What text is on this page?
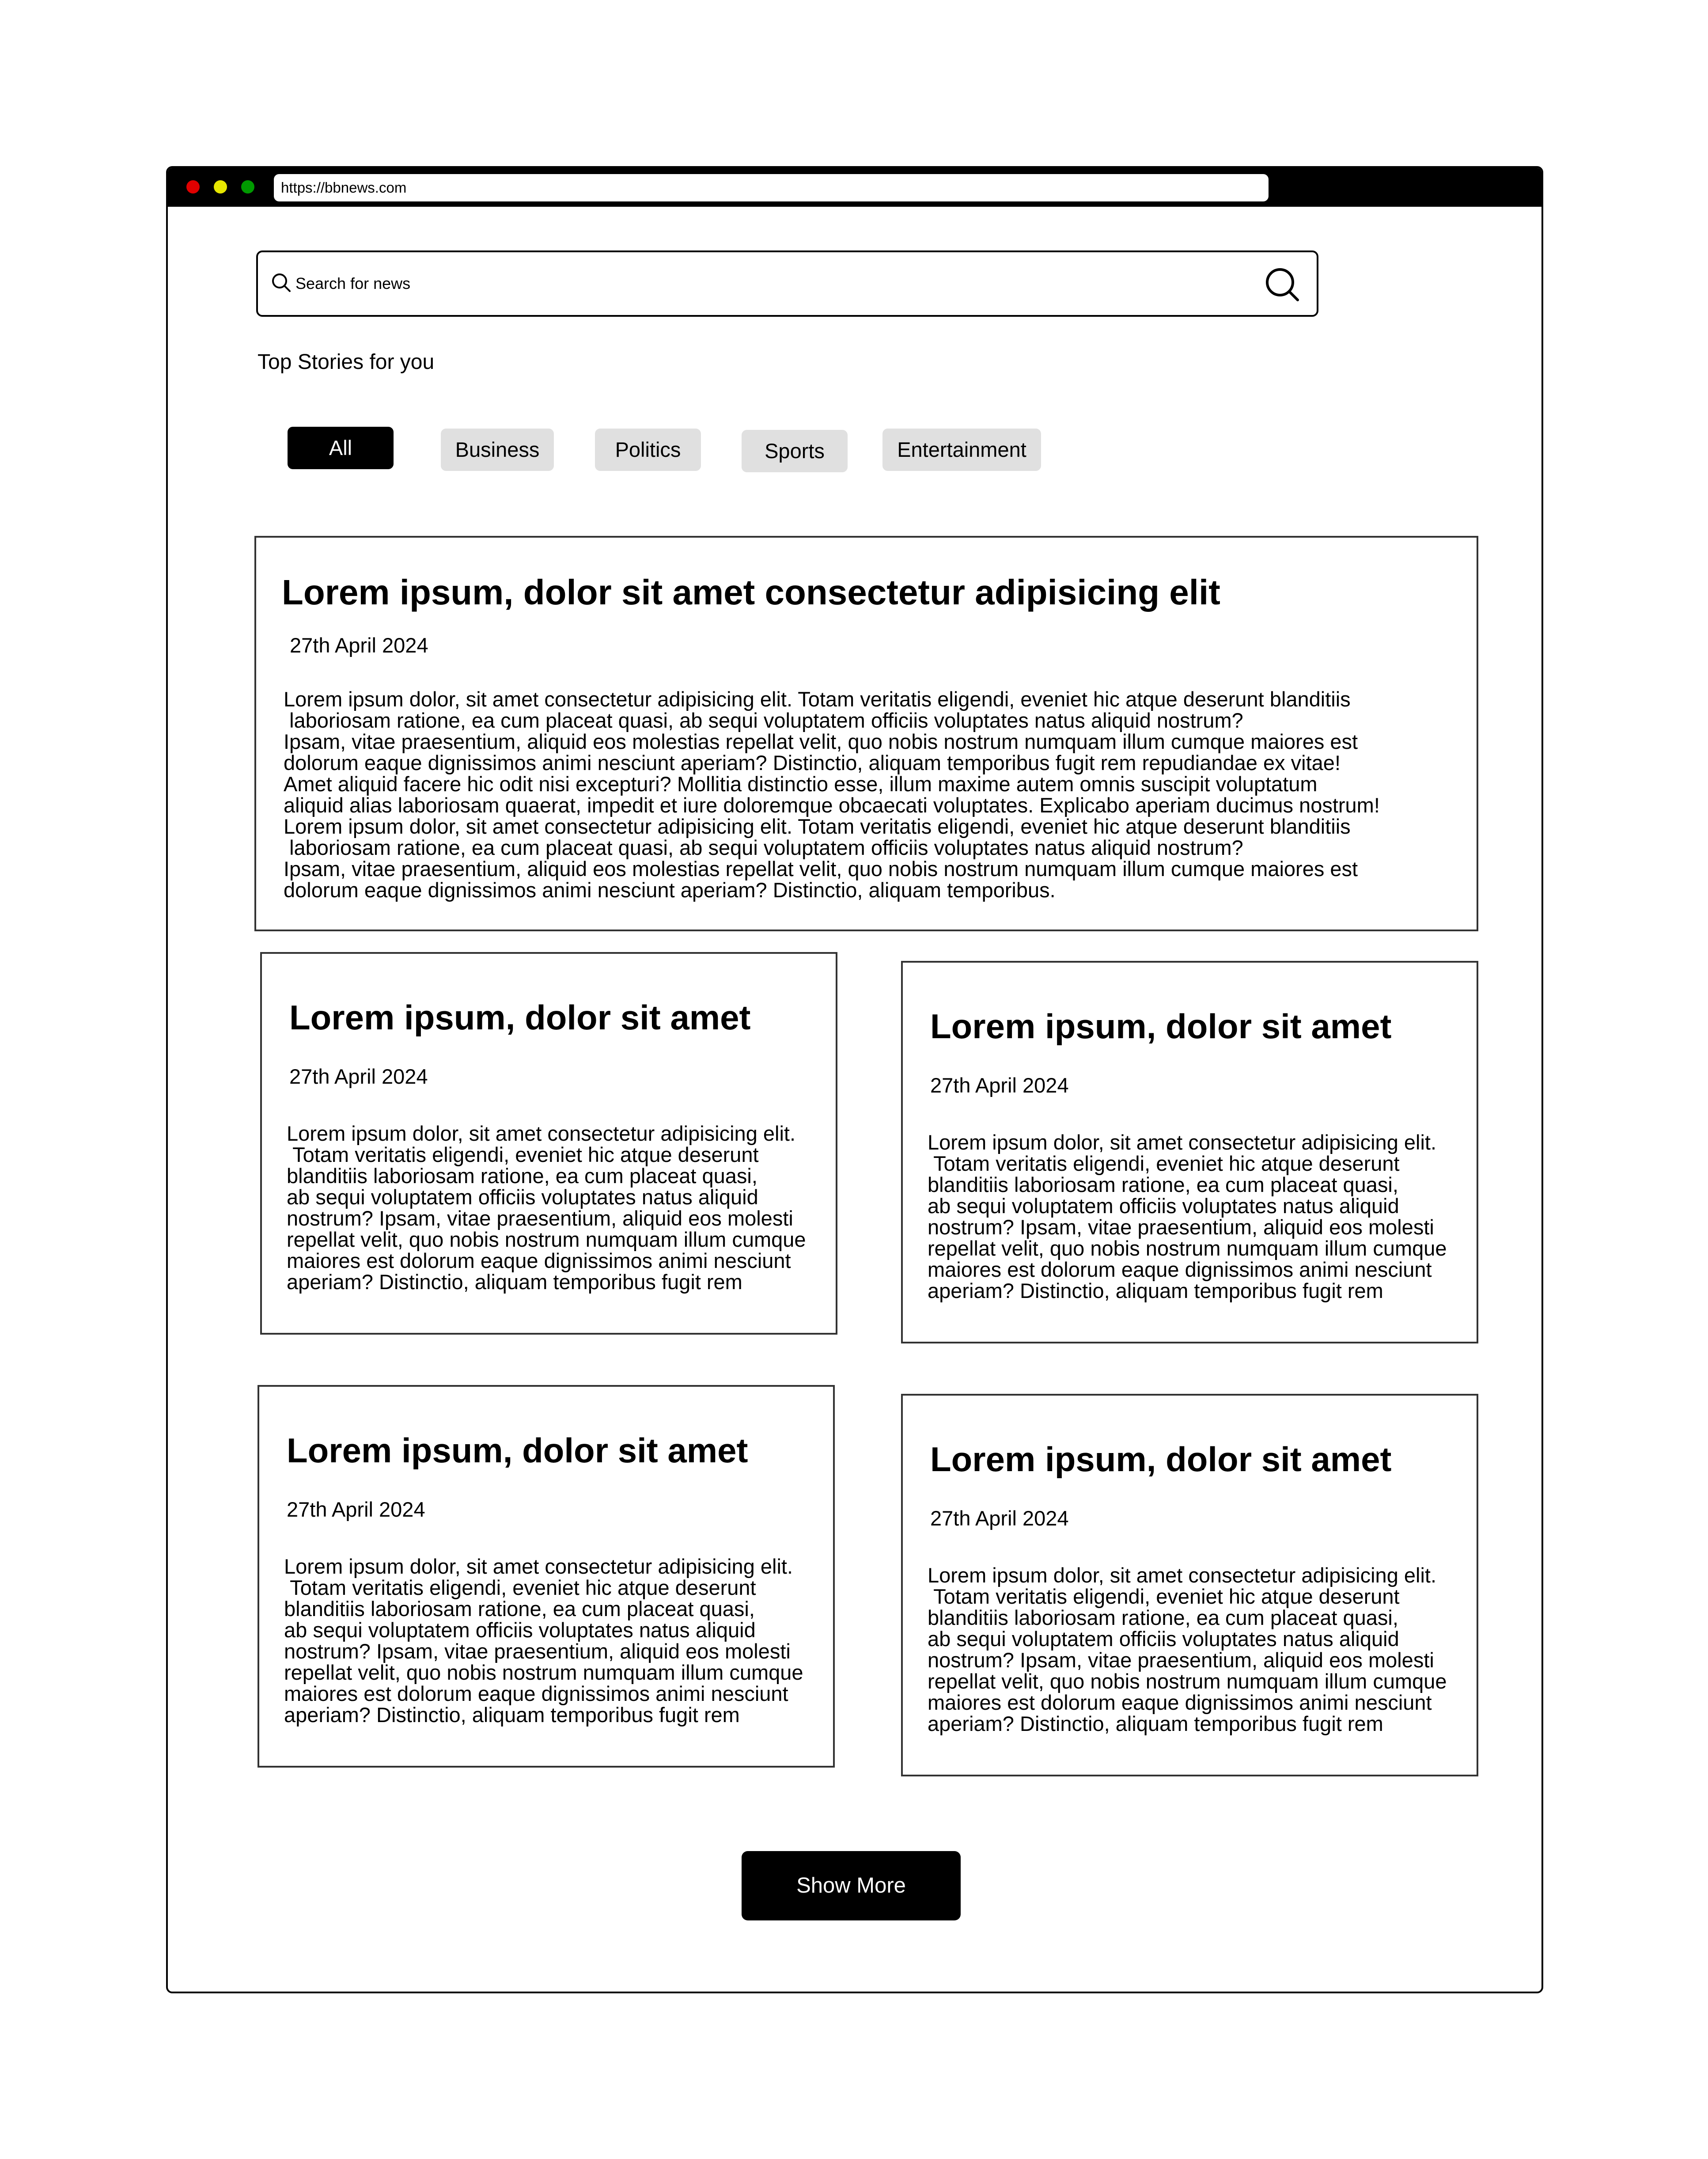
https://bbnews.com
Search for news
Top Stories for you
All	Business	Politics	Sports	Entertainment
Lorem ipsum, dolor sit amet consectetur adipisicing elit
27th April 2024
Lorem ipsum dolor, sit amet consectetur adipisicing elit. Totam veritatis eligendi, eveniet hic atque deserunt blanditiis
laboriosam ratione, ea cum placeat quasi, ab sequi voluptatem officiis voluptates natus aliquid nostrum?
Ipsam, vitae praesentium, aliquid eos molestias repellat velit, quo nobis nostrum numquam illum cumque maiores est
dolorum eaque dignissimos animi nesciunt aperiam? Distinctio, aliquam temporibus fugit rem repudiandae ex vitae!
Amet aliquid facere hic odit nisi excepturi? Mollitia distinctio esse, illum maxime autem omnis suscipit voluptatum
aliquid alias laboriosam quaerat, impedit et iure doloremque obcaecati voluptates. Explicabo aperiam ducimus nostrum!
Lorem ipsum dolor, sit amet consectetur adipisicing elit. Totam veritatis eligendi, eveniet hic atque deserunt blanditiis
laboriosam ratione, ea cum placeat quasi, ab sequi voluptatem officiis voluptates natus aliquid nostrum?
Ipsam, vitae praesentium, aliquid eos molestias repellat velit, quo nobis nostrum numquam illum cumque maiores est
dolorum eaque dignissimos animi nesciunt aperiam? Distinctio, aliquam temporibus.
Lorem ipsum, dolor sit amet
27th April 2024
Lorem ipsum dolor, sit amet consectetur adipisicing elit.
Totam veritatis eligendi, eveniet hic atque deserunt
blanditiis laboriosam ratione, ea cum placeat quasi,
ab sequi voluptatem officiis voluptates natus aliquid
nostrum? Ipsam, vitae praesentium, aliquid eos molesti
repellat velit, quo nobis nostrum numquam illum cumque
maiores est dolorum eaque dignissimos animi nesciunt
aperiam? Distinctio, aliquam temporibus fugit rem
Lorem ipsum, dolor sit amet
27th April 2024
Lorem ipsum dolor, sit amet consectetur adipisicing elit.
Totam veritatis eligendi, eveniet hic atque deserunt
blanditiis laboriosam ratione, ea cum placeat quasi,
ab sequi voluptatem officiis voluptates natus aliquid
nostrum? Ipsam, vitae praesentium, aliquid eos molesti
repellat velit, quo nobis nostrum numquam illum cumque
maiores est dolorum eaque dignissimos animi nesciunt
aperiam? Distinctio, aliquam temporibus fugit rem
Lorem ipsum, dolor sit amet
27th April 2024
Lorem ipsum dolor, sit amet consectetur adipisicing elit.
Totam veritatis eligendi, eveniet hic atque deserunt
blanditiis laboriosam ratione, ea cum placeat quasi,
ab sequi voluptatem officiis voluptates natus aliquid
nostrum? Ipsam, vitae praesentium, aliquid eos molesti
repellat velit, quo nobis nostrum numquam illum cumque
maiores est dolorum eaque dignissimos animi nesciunt
aperiam? Distinctio, aliquam temporibus fugit rem
Lorem ipsum, dolor sit amet
27th April 2024
Lorem ipsum dolor, sit amet consectetur adipisicing elit.
Totam veritatis eligendi, eveniet hic atque deserunt
blanditiis laboriosam ratione, ea cum placeat quasi,
ab sequi voluptatem officiis voluptates natus aliquid
nostrum? Ipsam, vitae praesentium, aliquid eos molesti
repellat velit, quo nobis nostrum numquam illum cumque
maiores est dolorum eaque dignissimos animi nesciunt
aperiam? Distinctio, aliquam temporibus fugit rem
Show More
